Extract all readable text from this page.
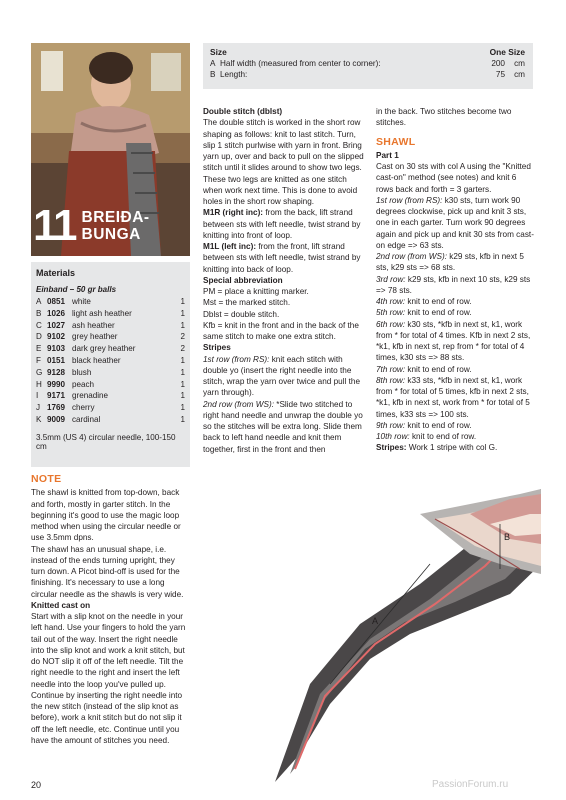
11 BREIÐA-
BUNGA
Materials
Einband – 50 gr balls
A 0851 white	1
B 1026 light ash heather	1
C 1027 ash heather	1
D 9102 grey heather	2
E 9103 dark grey heather	2
F 0151 black heather	1
G 9128 blush	1
H 9990 peach	1
I	9171 grenadine	1
J 1769 cherry	1
K 9009 cardinal	1
3.5mm (US 4) circular needle, 100-150 cm
NOTE

The shawl is knitted from top-down, back and forth, mostly in garter stitch. In the beginning it's good to use the magic loop method when using the circular needle or use 3.5mm dpns.

The shawl has an unusual shape, i.e. instead of the ends turning upright, they turn down. A Picot bind-off is used for the finishing. It's necessary to use a long circular needle as the shawls is very wide.

Knitted cast on

Start with a slip knot on the needle in your left hand. Use your fingers to hold the yarn tail out of the way. Insert the right needle into the slip knot and work a knit stitch, but do NOT slip it off of the left needle. Tilt the right needle to the right and insert the left needle into the loop you've pulled up. Continue by inserting the right needle into the new stitch (instead of the slip knot as before), work a knit stitch but do not slip it off the left needle, etc. Continue until you have the amount of stitches you need.

Size	One Size
A Half width (measured from center to corner):	200	cm
B Length:	75	cm

Double stitch (dblst)

The double stitch is worked in the short row shaping as follows: knit to last stitch. Turn, slip 1 stitch purlwise with yarn in front. Bring yarn up, over and back to pull on the slipped stitch until it slides around to show two legs. These two legs are knitted as one stitch when work next time. This is done to avoid holes in the short row shaping.

M1R (right inc): from the back, lift strand between sts with left needle, twist strand by knitting into front of loop.

M1L (left inc): from the front, lift strand between sts with left needle, twist strand by knitting into back of loop.

Special abbreviation

PM = place a knitting marker.

Mst = the marked stitch.

Dblst = double stitch.

Kfb = knit in the front and in the back of the same stitch to make one extra stitch.

Stripes

1st row (from RS): knit each stitch with double yo (insert the right needle into the stitch, wrap the yarn over twice and pull the yarn through).

2nd row (from WS): *Slide two stitched to right hand needle and unwrap the double yo so the stitches will be extra long. Slide them back to left hand needle and knit them together, first in the front and then

in the back. Two stitches become two stitches.

SHAWL

Part 1

Cast on 30 sts with col A using the "Knitted cast-on" method (see notes) and knit 6 rows back and forth = 3 garters.

1st row (from RS): k30 sts, turn work 90 degrees clockwise, pick up and knit 3 sts, one in each garter. Turn work 90 degrees again and pick up and knit 30 sts from cast-on edge => 63 sts.

2nd row (from WS): k29 sts, kfb in next 5 sts, k29 sts => 68 sts.

3rd row: k29 sts, kfb in next 10 sts, k29 sts => 78 sts.

4th row: knit to end of row.

5th row: knit to end of row.

6th row: k30 sts, *kfb in next st, k1, work from * for total of 4 times. Kfb in next 2 sts, *k1, kfb in next st, rep from * for total of 4 times, k30 sts => 88 sts.

7th row: knit to end of row.

8th row: k33 sts, *kfb in next st, k1, work from * for total of 5 times, kfb in next 2 sts, *k1, kfb in next st, work from * for total of 5 times, k33 sts => 100 sts.

9th row: knit to end of row.

10th row: knit to end of row.

Stripes: Work 1 stripe with col G.

A
B
20	PassionForum.ru
